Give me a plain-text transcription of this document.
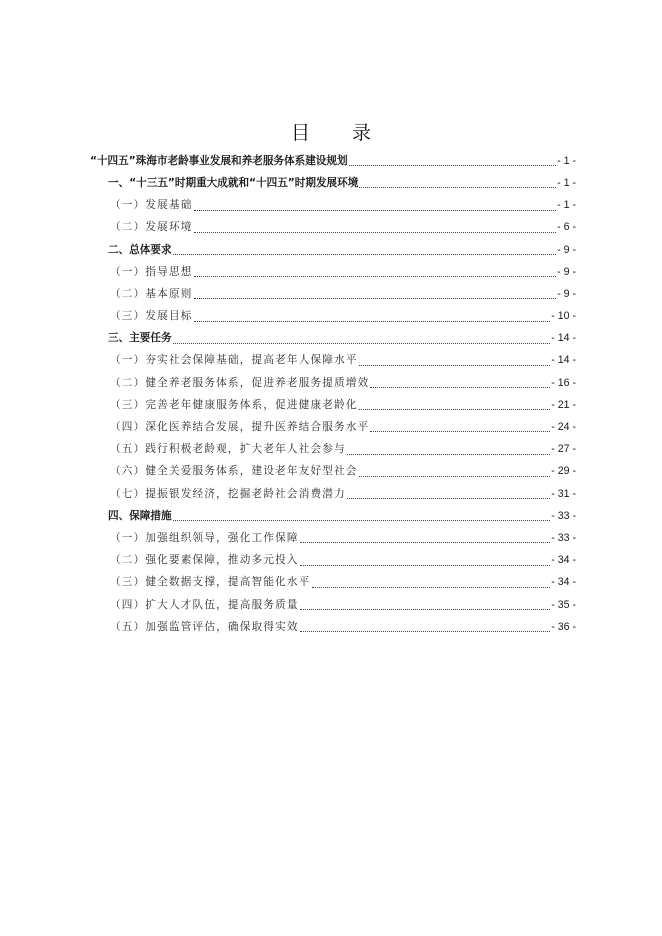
目 录
“十四五”珠海市老龄事业发展和养老服务体系建设规划	- 1 -
一、“十三五”时期重大成就和“十四五”时期发展环境	- 1 -
（一）发展基础	- 1 -
（二）发展环境	- 6 -
二、总体要求	- 9 -
（一）指导思想	- 9 -
（二）基本原则	- 9 -
（三）发展目标	- 10 -
三、主要任务	- 14 -
（一）夯实社会保障基础，提高老年人保障水平	- 14 -
（二）健全养老服务体系，促进养老服务提质增效	- 16 -
（三）完善老年健康服务体系，促进健康老龄化	- 21 -
（四）深化医养结合发展，提升医养结合服务水平	- 24 -
（五）践行积极老龄观，扩大老年人社会参与	- 27 -
（六）健全关爱服务体系，建设老年友好型社会	- 29 -
（七）提振银发经济，挖掘老龄社会消费潜力	- 31 -
四、保障措施	- 33 -
（一）加强组织领导，强化工作保障	- 33 -
（二）强化要素保障，推动多元投入	- 34 -
（三）健全数据支撑，提高智能化水平	- 34 -
（四）扩大人才队伍，提高服务质量	- 35 -
（五）加强监管评估，确保取得实效	- 36 -
